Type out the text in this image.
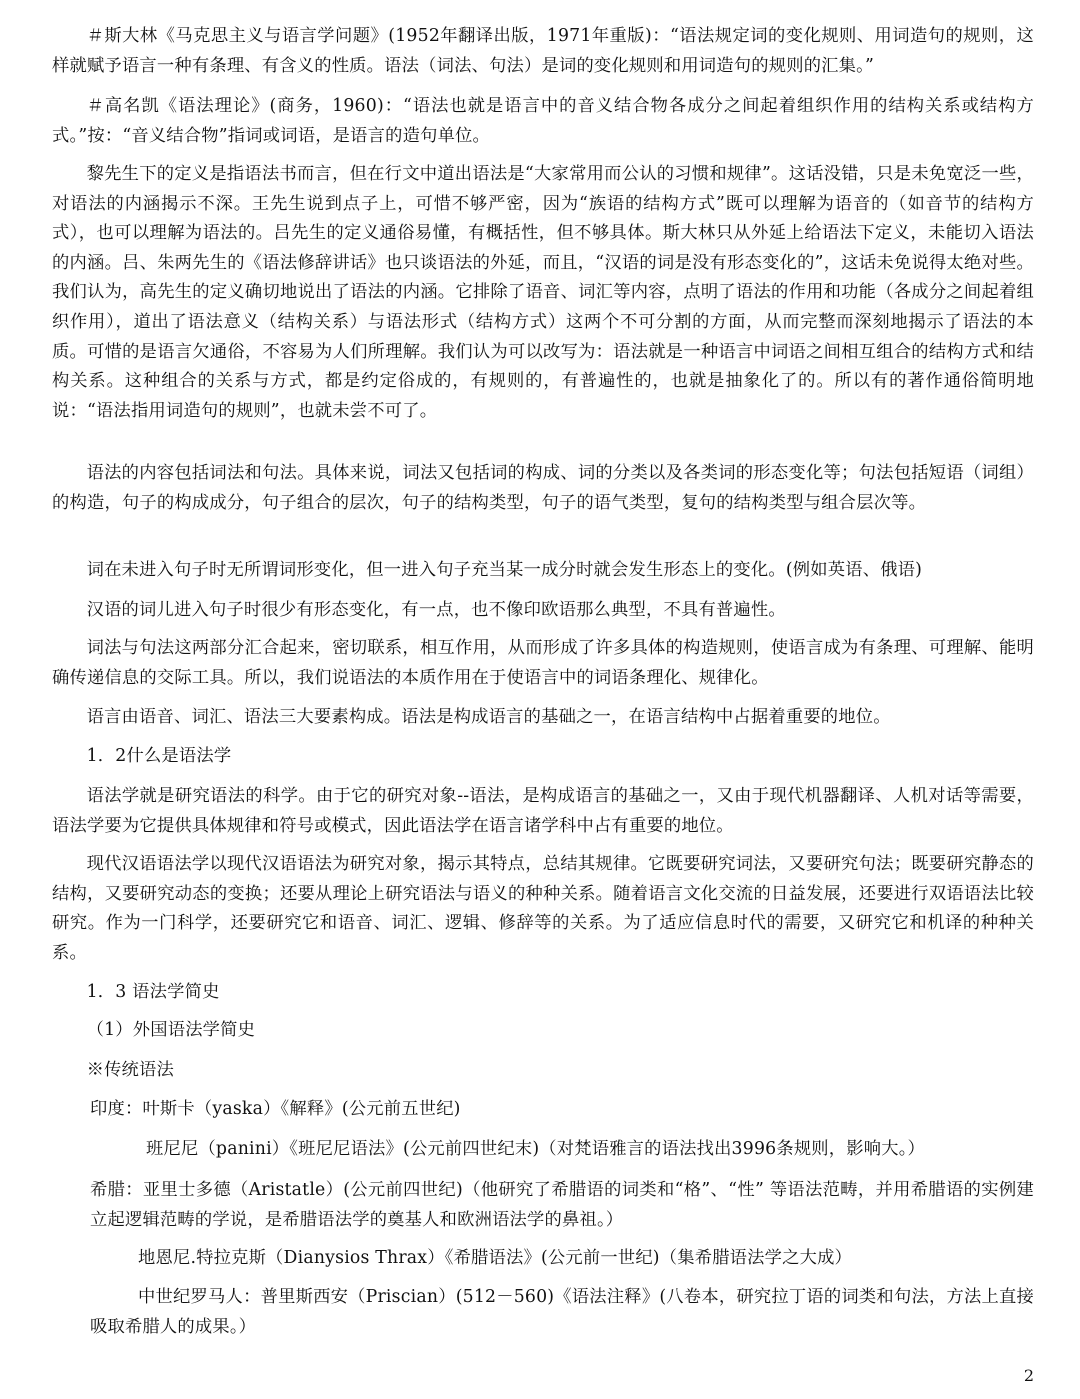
＃斯大林《马克思主义与语言学问题》(1952年翻译出版，1971年重版)：“语法规定词的变化规则、用词造句的规则，这样就赋予语言一种有条理、有含义的性质。语法（词法、句法）是词的变化规则和用词造句的规则的汇集。”

＃高名凯《语法理论》(商务，1960)：“语法也就是语言中的音义结合物各成分之间起着组织作用的结构关系或结构方式。”按：“音义结合物”指词或词语，是语言的造句单位。

黎先生下的定义是指语法书而言，但在行文中道出语法是“大家常用而公认的习惯和规律”。这话没错，只是未免宽泛一些，对语法的内涵揭示不深。王先生说到点子上，可惜不够严密，因为“族语的结构方式”既可以理解为语音的（如音节的结构方式），也可以理解为语法的。吕先生的定义通俗易懂，有概括性，但不够具体。斯大林只从外延上给语法下定义，未能切入语法的内涵。吕、朱两先生的《语法修辞讲话》也只谈语法的外延，而且，“汉语的词是没有形态变化的”，这话未免说得太绝对些。我们认为，高先生的定义确切地说出了语法的内涵。它排除了语音、词汇等内容，点明了语法的作用和功能（各成分之间起着组织作用），道出了语法意义（结构关系）与语法形式（结构方式）这两个不可分割的方面，从而完整而深刻地揭示了语法的本质。可惜的是语言欠通俗，不容易为人们所理解。我们认为可以改写为：语法就是一种语言中词语之间相互组合的结构方式和结构关系。这种组合的关系与方式，都是约定俗成的，有规则的，有普遍性的，也就是抽象化了的。所以有的著作通俗简明地说：“语法指用词造句的规则”，也就未尝不可了。

语法的内容包括词法和句法。具体来说，词法又包括词的构成、词的分类以及各类词的形态变化等；句法包括短语（词组）的构造，句子的构成成分，句子组合的层次，句子的结构类型，句子的语气类型，复句的结构类型与组合层次等。

词在未进入句子时无所谓词形变化，但一进入句子充当某一成分时就会发生形态上的变化。(例如英语、俄语)

汉语的词儿进入句子时很少有形态变化，有一点，也不像印欧语那么典型，不具有普遍性。

词法与句法这两部分汇合起来，密切联系，相互作用，从而形成了许多具体的构造规则，使语言成为有条理、可理解、能明确传递信息的交际工具。所以，我们说语法的本质作用在于使语言中的词语条理化、规律化。

语言由语音、词汇、语法三大要素构成。语法是构成语言的基础之一，在语言结构中占据着重要的地位。

1．2什么是语法学

语法学就是研究语法的科学。由于它的研究对象--语法，是构成语言的基础之一，又由于现代机器翻译、人机对话等需要，语法学要为它提供具体规律和符号或模式，因此语法学在语言诸学科中占有重要的地位。

现代汉语语法学以现代汉语语法为研究对象，揭示其特点，总结其规律。它既要研究词法，又要研究句法；既要研究静态的结构，又要研究动态的变换；还要从理论上研究语法与语义的种种关系。随着语言文化交流的日益发展，还要进行双语语法比较研究。作为一门科学，还要研究它和语音、词汇、逻辑、修辞等的关系。为了适应信息时代的需要，又研究它和机译的种种关系。

1．3 语法学简史

（1）外国语法学简史

※传统语法

印度：叶斯卡（yaska）《解释》(公元前五世纪)

班尼尼（panini）《班尼尼语法》(公元前四世纪末)（对梵语雅言的语法找出3996条规则，影响大。）

希腊：亚里士多德（Aristatle）(公元前四世纪)（他研究了希腊语的词类和“格”、“性” 等语法范畴，并用希腊语的实例建立起逻辑范畴的学说，是希腊语法学的奠基人和欧洲语法学的鼻祖。）

地恩尼.特拉克斯（Dianysios Thrax）《希腊语法》(公元前一世纪)（集希腊语法学之大成）

中世纪罗马人：普里斯西安（Priscian）(512－560)《语法注释》(八卷本，研究拉丁语的词类和句法，方法上直接吸取希腊人的成果。）

2
